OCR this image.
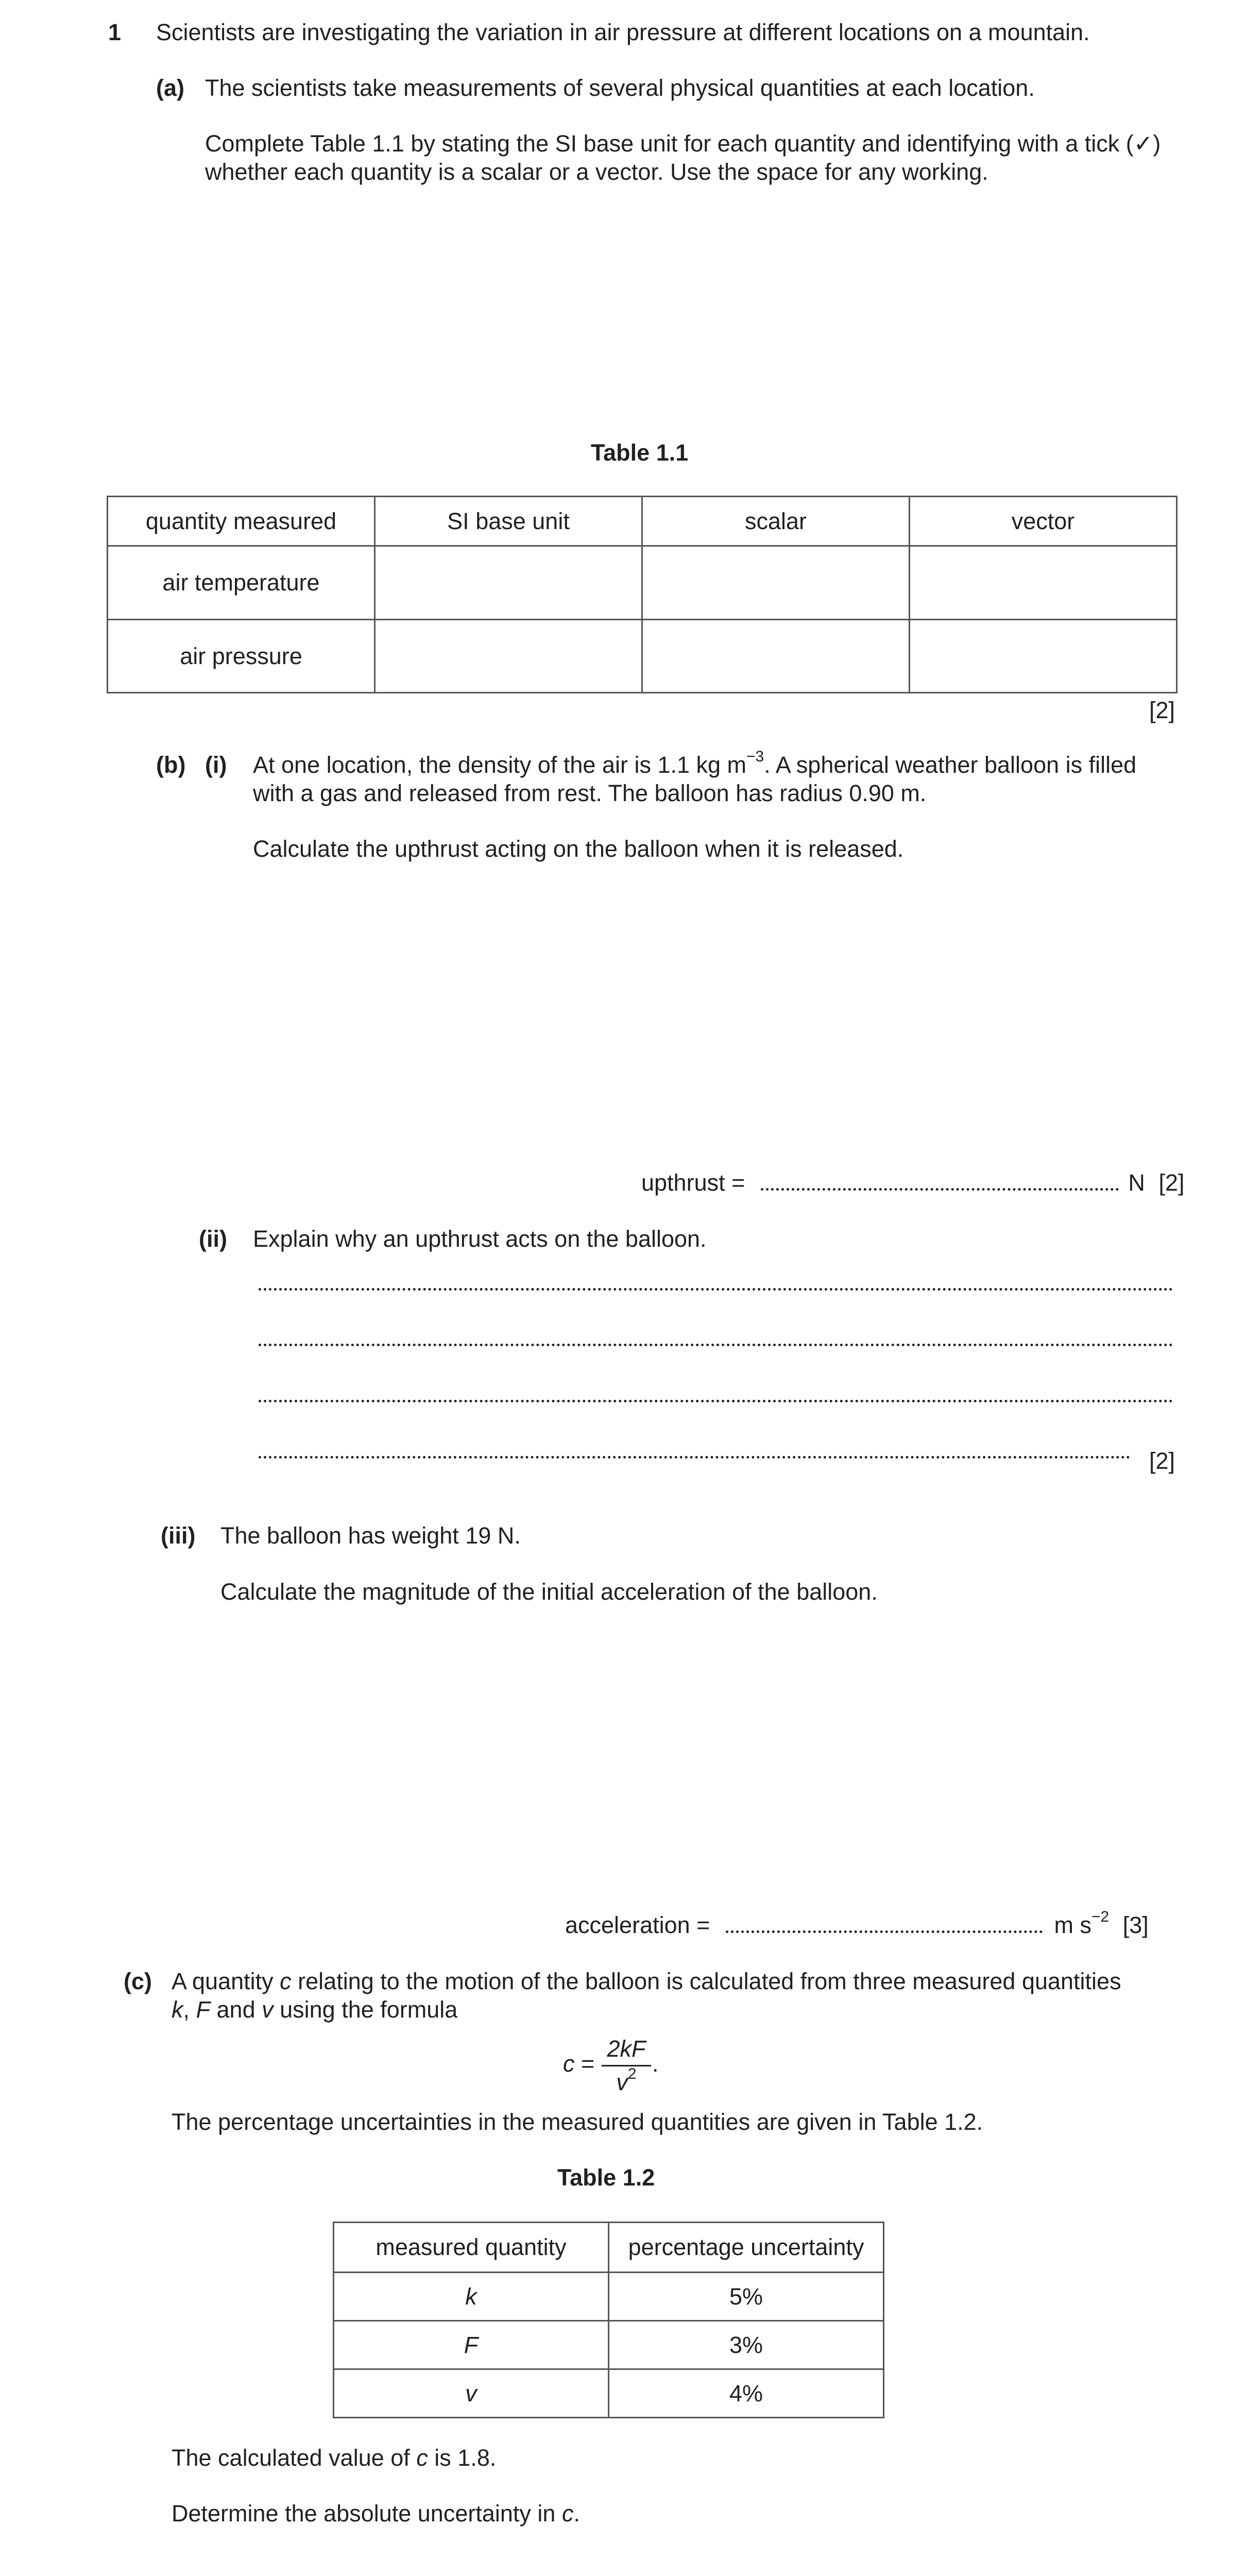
1 Scientists are investigating the variation in air pressure at different locations on a mountain.
(a) The scientists take measurements of several physical quantities at each location.
Complete Table 1.1 by stating the SI base unit for each quantity and identifying with a tick (✓)
whether each quantity is a scalar or a vector. Use the space for any working.
Table 1.1
quantity measured	SI base unit	scalar	vector
air temperature			
air pressure			
[2]
(b) (i) At one location, the density of the air is 1.1 kg $m^{-3}$. A spherical weather balloon is filled
with a gas and released from rest. The balloon has radius 0.90 m.
Calculate the upthrust acting on the balloon when it is released.
upthrust =	N [2]
(ii) Explain why an upthrust acts on the balloon.
[2]
(iii) The balloon has weight 19 N.
Calculate the magnitude of the initial acceleration of the balloon.
acceleration =	m $s^{-2}$ [3]
(c) A quantity c relating to the motion of the balloon is calculated from three measured quantities
k, F and v using the formula
c =
2kF
$v^2$ .
The percentage uncertainties in the measured quantities are given in Table 1.2.
Table 1.2
measured quantity	percentage uncertainty
k	5%
F	3%
v	4%
The calculated value of c is 1.8.
Determine the absolute uncertainty in c.
